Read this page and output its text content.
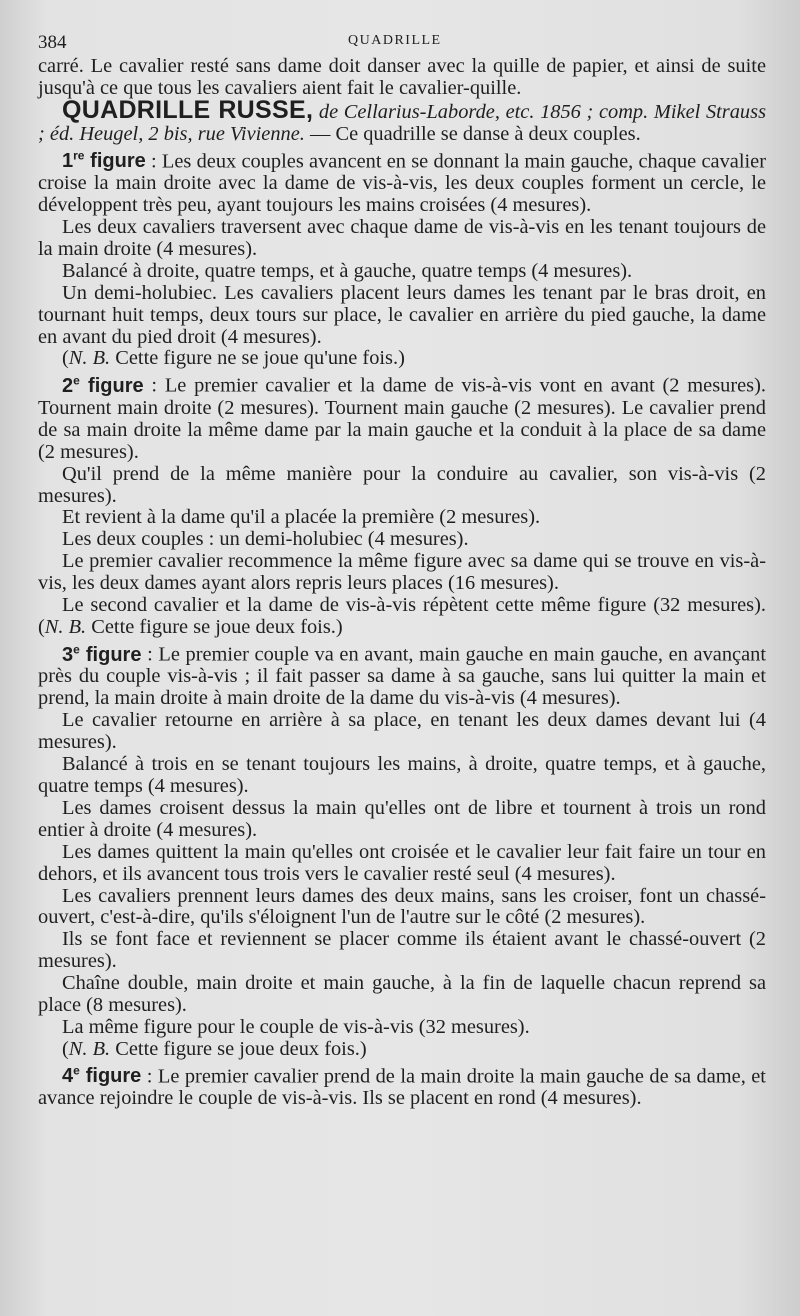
384	QUADRILLE

carré. Le cavalier resté sans dame doit danser avec la quille de papier, et ainsi de suite jusqu'à ce que tous les cavaliers aient fait le cavalier-quille.

QUADRILLE RUSSE, de Cellarius-Laborde, etc. 1856 ; comp. Mikel Strauss ; éd. Heugel, 2 bis, rue Vivienne. — Ce quadrille se danse à deux couples.

1re figure : Les deux couples avancent en se donnant la main gauche, chaque cavalier croise la main droite avec la dame de vis-à-vis, les deux couples forment un cercle, le développent très peu, ayant toujours les mains croisées (4 mesures).

Les deux cavaliers traversent avec chaque dame de vis-à-vis en les tenant toujours de la main droite (4 mesures).

Balancé à droite, quatre temps, et à gauche, quatre temps (4 mesures).

Un demi-holubiec. Les cavaliers placent leurs dames les tenant par le bras droit, en tournant huit temps, deux tours sur place, le cavalier en arrière du pied gauche, la dame en avant du pied droit (4 mesures).

(N. B. Cette figure ne se joue qu'une fois.)

2e figure : Le premier cavalier et la dame de vis-à-vis vont en avant (2 mesures). Tournent main droite (2 mesures). Tournent main gauche (2 mesures). Le cavalier prend de sa main droite la même dame par la main gauche et la conduit à la place de sa dame (2 mesures).

Qu'il prend de la même manière pour la conduire au cavalier, son vis-à-vis (2 mesures).

Et revient à la dame qu'il a placée la première (2 mesures).

Les deux couples : un demi-holubiec (4 mesures).

Le premier cavalier recommence la même figure avec sa dame qui se trouve en vis-à-vis, les deux dames ayant alors repris leurs places (16 mesures).

Le second cavalier et la dame de vis-à-vis répètent cette même figure (32 mesures). (N. B. Cette figure se joue deux fois.)

3e figure : Le premier couple va en avant, main gauche en main gauche, en avançant près du couple vis-à-vis ; il fait passer sa dame à sa gauche, sans lui quitter la main et prend, la main droite à main droite de la dame du vis-à-vis (4 mesures).

Le cavalier retourne en arrière à sa place, en tenant les deux dames devant lui (4 mesures).

Balancé à trois en se tenant toujours les mains, à droite, quatre temps, et à gauche, quatre temps (4 mesures).

Les dames croisent dessus la main qu'elles ont de libre et tournent à trois un rond entier à droite (4 mesures).

Les dames quittent la main qu'elles ont croisée et le cavalier leur fait faire un tour en dehors, et ils avancent tous trois vers le cavalier resté seul (4 mesures).

Les cavaliers prennent leurs dames des deux mains, sans les croiser, font un chassé-ouvert, c'est-à-dire, qu'ils s'éloignent l'un de l'autre sur le côté (2 mesures).

Ils se font face et reviennent se placer comme ils étaient avant le chassé-ouvert (2 mesures).

Chaîne double, main droite et main gauche, à la fin de laquelle chacun reprend sa place (8 mesures).

La même figure pour le couple de vis-à-vis (32 mesures).

(N. B. Cette figure se joue deux fois.)

4e figure : Le premier cavalier prend de la main droite la main gauche de sa dame, et avance rejoindre le couple de vis-à-vis. Ils se placent en rond (4 mesures).
